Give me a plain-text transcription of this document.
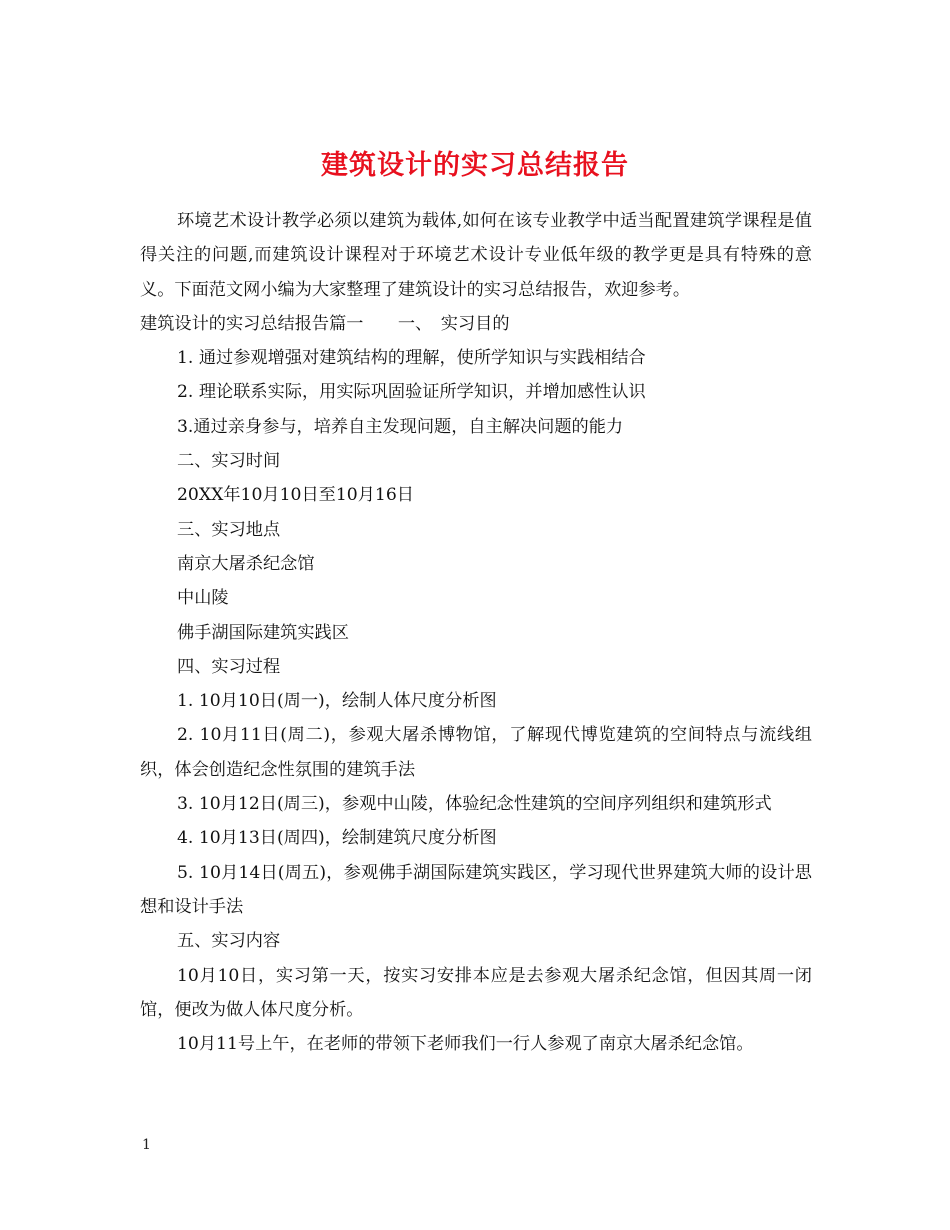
建筑设计的实习总结报告

环境艺术设计教学必须以建筑为载体,如何在该专业教学中适当配置建筑学课程是值得关注的问题,而建筑设计课程对于环境艺术设计专业低年级的教学更是具有特殊的意义。下面范文网小编为大家整理了建筑设计的实习总结报告，欢迎参考。

建筑设计的实习总结报告篇一　　一、　实习目的

1. 通过参观增强对建筑结构的理解，使所学知识与实践相结合

2. 理论联系实际，用实际巩固验证所学知识，并增加感性认识

3.通过亲身参与，培养自主发现问题，自主解决问题的能力

二、实习时间

20XX年10月10日至10月16日

三、实习地点

南京大屠杀纪念馆

中山陵

佛手湖国际建筑实践区

四、实习过程

1. 10月10日(周一)，绘制人体尺度分析图

2. 10月11日(周二)，参观大屠杀博物馆，了解现代博览建筑的空间特点与流线组织，体会创造纪念性氛围的建筑手法

3. 10月12日(周三)，参观中山陵，体验纪念性建筑的空间序列组织和建筑形式

4. 10月13日(周四)，绘制建筑尺度分析图

5. 10月14日(周五)，参观佛手湖国际建筑实践区，学习现代世界建筑大师的设计思想和设计手法

五、实习内容

10月10日，实习第一天，按实习安排本应是去参观大屠杀纪念馆，但因其周一闭馆，便改为做人体尺度分析。

10月11号上午，在老师的带领下老师我们一行人参观了南京大屠杀纪念馆。

1
